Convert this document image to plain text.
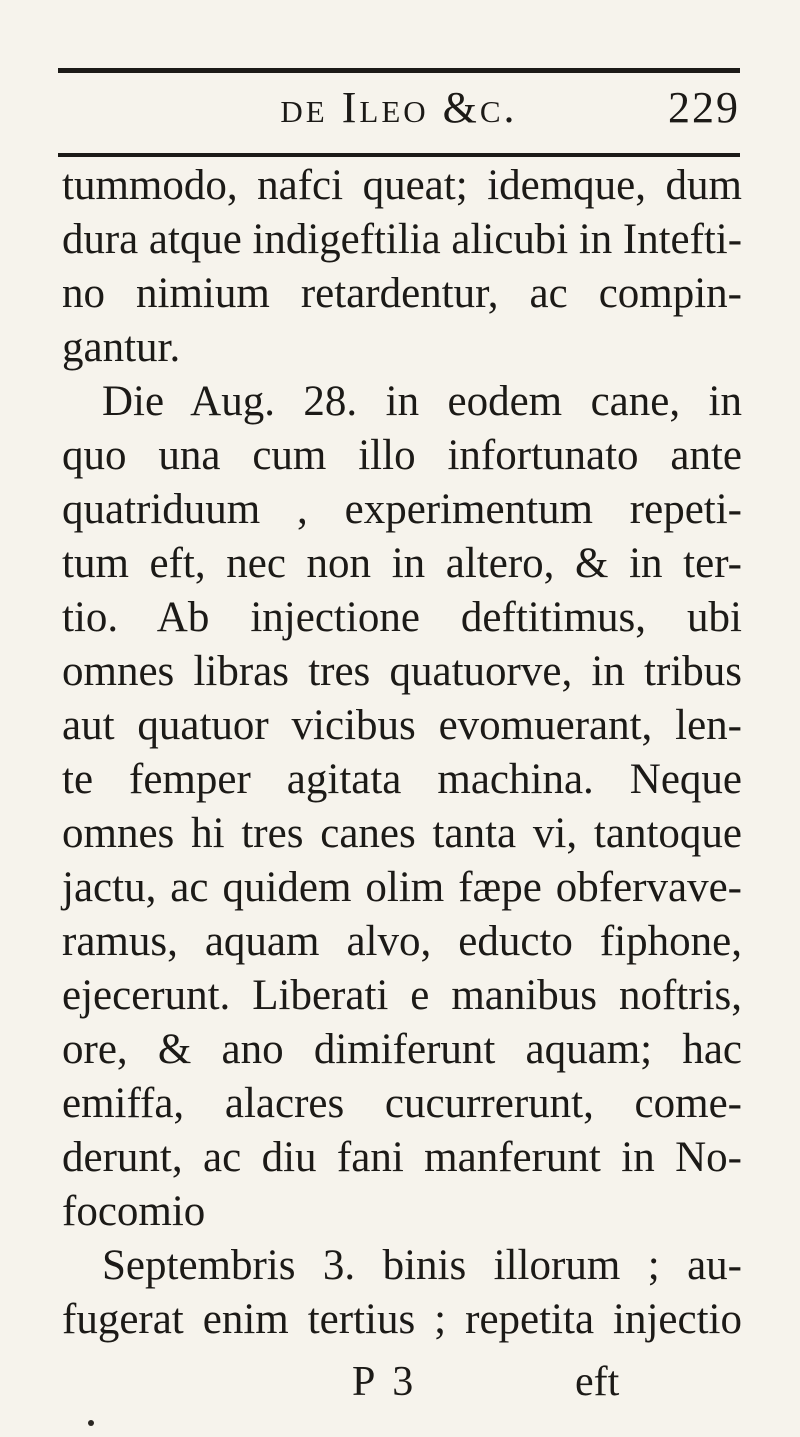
de Ileo &c.	229
tummodo, nafci queat; idemque, dum
dura atque indigeftilia alicubi in Intefti-
no nimium retardentur, ac compin-
gantur.
Die Aug. 28. in eodem cane, in
quo una cum illo infortunato ante
quatriduum , experimentum repeti-
tum eft, nec non in altero, & in ter-
tio. Ab injectione deftitimus, ubi
omnes libras tres quatuorve, in tribus
aut quatuor vicibus evomuerant, len-
te femper agitata machina. Neque
omnes hi tres canes tanta vi, tantoque
jactu, ac quidem olim fæpe obfervave-
ramus, aquam alvo, educto fiphone,
ejecerunt. Liberati e manibus noftris,
ore, & ano dimiferunt aquam; hac
emiffa, alacres cucurrerunt, come-
derunt, ac diu fani manferunt in No-
focomio
Septembris 3. binis illorum ; au-
fugerat enim tertius ; repetita injectio
P 3	eft
